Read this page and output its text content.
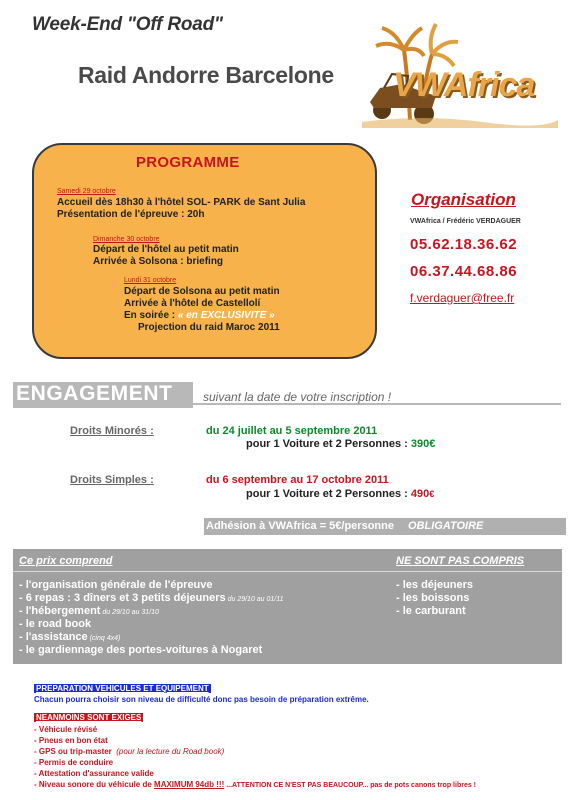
Week-End "Off Road"
Raid Andorre Barcelone VWAfrica
PROGRAMME
Samedi 29 octobre
Accueil dès 18h30 à l'hôtel SOL- PARK de Sant Julia
Présentation de l'épreuve : 20h
Dimanche 30 octobre
Départ de l'hôtel au petit matin
Arrivée à Solsona : briefing
Lundi 31 octobre
Départ de Solsona au petit matin
Arrivée à l'hôtel de Castellolí
En soirée : « en EXCLUSIVITE »
Projection du raid Maroc 2011
Organisation
VWAfrica / Frédéric VERDAGUER
05.62.18.36.62
06.37.44.68.86
f.verdaguer@free.fr
ENGAGEMENT	suivant la date de votre inscription !
Droits Minorés :	du 24 juillet au 5 septembre 2011
pour 1 Voiture et 2 Personnes : 390€
Droits Simples :	du 6 septembre au 17 octobre 2011
pour 1 Voiture et 2 Personnes : 490€
Adhésion à VWAfrica = 5€/personne OBLIGATOIRE
Ce prix comprend	NE SONT PAS COMPRIS
- l'organisation générale de l'épreuve
- 6 repas : 3 dîners et 3 petits déjeuners du 29/10 au 01/11
- l'hébergement du 29/10 au 31/10
- le road book
- l'assistance (cinq 4x4)
- le gardiennage des portes-voitures à Nogaret
- les déjeuners
- les boissons
- le carburant
PREPARATION VEHICULES ET EQUIPEMENT
Chacun pourra choisir son niveau de difficulté donc pas besoin de préparation extrême.
NEANMOINS SONT EXIGES
- Véhicule révisé
- Pneus en bon état
- GPS ou trip-master (pour la lecture du Road book)
- Permis de conduire
- Attestation d'assurance valide
- Niveau sonore du véhicule de MAXIMUM 94db !!! ...ATTENTION CE N'EST PAS BEAUCOUP... pas de pots canons trop libres !
